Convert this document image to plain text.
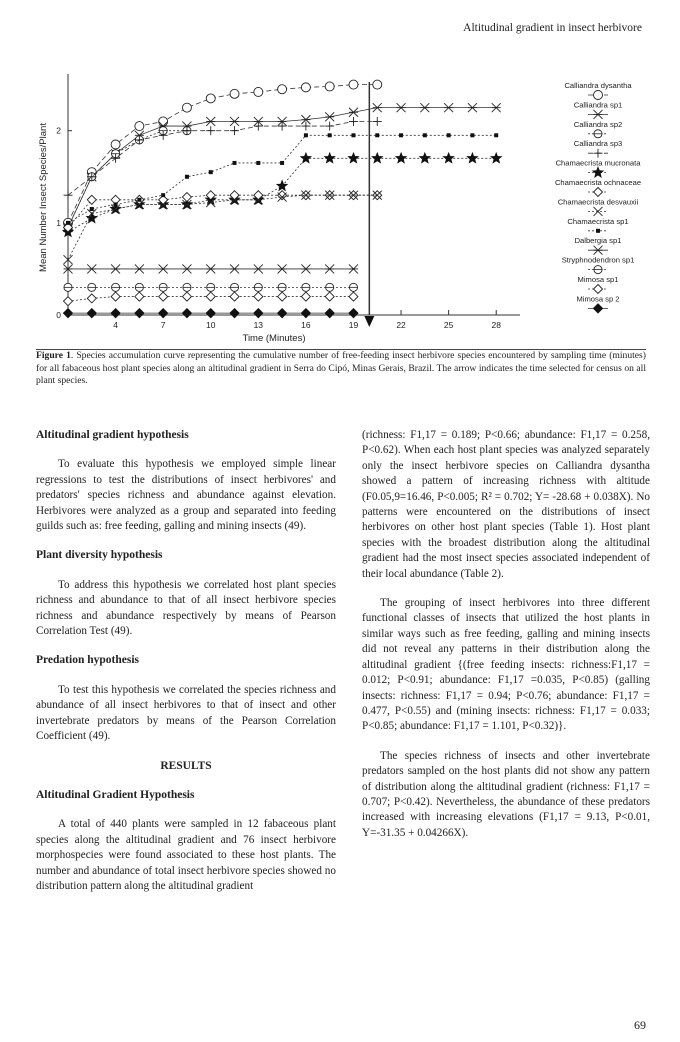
Altitudinal gradient in insect herbivore
4	7	10	13	16	19	22	25	28
0
1
2
Time (Minutes)
Mean Number Insect Species/Plant
Calliandra dysantha
Calliandra sp1
Calliandra sp2
Calliandra sp3
Chamaecrista mucronata
Chamaecrista ochnaceae
Chamaecrista desvauxii
Chamaecrista sp1
Dalbergia sp1
Stryphnodendron sp1
Mimosa sp1
Mimosa sp 2
Figure 1. Species accumulation curve representing the cumulative number of free-feeding insect herbivore species encountered by sampling time (minutes) for all fabaceous host plant species along an altitudinal gradient in Serra do Cipó, Minas Gerais, Brazil. The arrow indicates the time selected for census on all plant species.
Altitudinal gradient hypothesis

To evaluate this hypothesis we employed simple linear regressions to test the distributions of insect herbivores' and predators' species richness and abundance against elevation. Herbivores were analyzed as a group and separated into feeding guilds such as: free feeding, galling and mining insects (49).

Plant diversity hypothesis

To address this hypothesis we correlated host plant species richness and abundance to that of all insect herbivore species richness and abundance respectively by means of Pearson Correlation Test (49).

Predation hypothesis

To test this hypothesis we correlated the species richness and abundance of all insect herbivores to that of insect and other invertebrate predators by means of the Pearson Correlation Coefficient (49).

RESULTS
Altitudinal Gradient Hypothesis

A total of 440 plants were sampled in 12 fabaceous plant species along the altitudinal gradient and 76 insect herbivore morphospecies were found associated to these host plants. The number and abundance of total insect herbivore species showed no distribution pattern along the altitudinal gradient

(richness: F1,17 = 0.189; P<0.66; abundance: F1,17 = 0.258, P<0.62). When each host plant species was analyzed separately only the insect herbivore species on Calliandra dysantha showed a pattern of increasing richness with altitude (F0.05,9=16.46, P<0.005; R² = 0.702; Y= -28.68 + 0.038X). No patterns were encountered on the distributions of insect herbivores on other host plant species (Table 1). Host plant species with the broadest distribution along the altitudinal gradient had the most insect species associated independent of their local abundance (Table 2).

The grouping of insect herbivores into three different functional classes of insects that utilized the host plants in similar ways such as free feeding, galling and mining insects did not reveal any patterns in their distribution along the altitudinal gradient {(free feeding insects: richness:F1,17 = 0.012; P<0.91; abundance: F1,17 =0.035, P<0.85) (galling insects: richness: F1,17 = 0.94; P<0.76; abundance: F1,17 = 0.477, P<0.55) and (mining insects: richness: F1,17 = 0.033; P<0.85; abundance: F1,17 = 1.101, P<0.32)}.

The species richness of insects and other invertebrate predators sampled on the host plants did not show any pattern of distribution along the altitudinal gradient (richness: F1,17 = 0.707; P<0.42). Nevertheless, the abundance of these predators increased with increasing elevations (F1,17 = 9.13, P<0.01, Y=-31.35 + 0.04266X).

69
